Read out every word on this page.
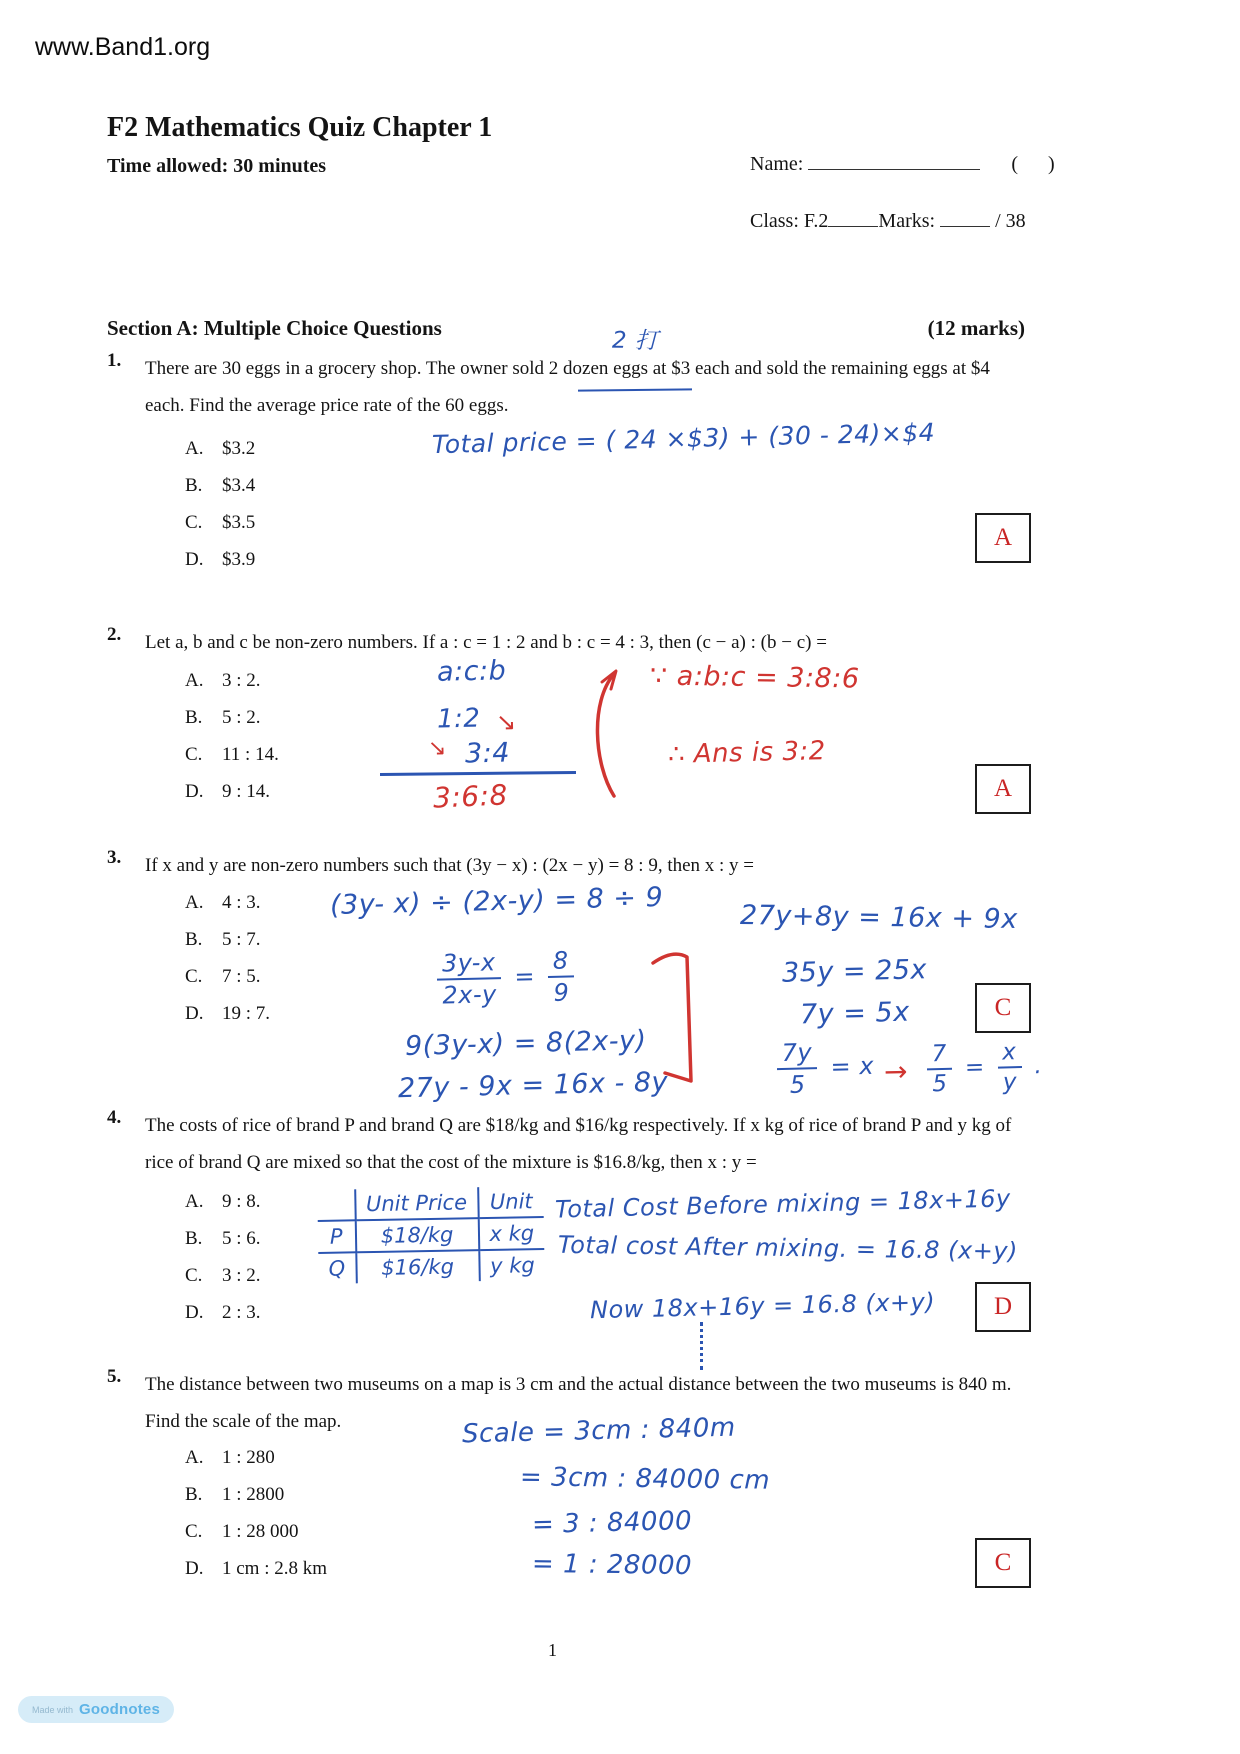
www.Band1.org
F2 Mathematics Quiz Chapter 1
Time allowed: 30 minutes	Name:	(      )
Class: F.2	Marks:	/ 38
Section A: Multiple Choice Questions	(12 marks)
2 打
1. There are 30 eggs in a grocery shop. The owner sold 2 dozen eggs at $3 each and sold the remaining eggs at $4 each. Find the average price rate of the 60 eggs.
A. $3.2
B. $3.4
C. $3.5
D. $3.9
Total price = ( 24 ×$3) + (30 - 24)×$4
A
2. Let a, b and c be non-zero numbers. If a : c = 1 : 2 and b : c = 4 : 3, then (c − a) : (b − c) =
A. 3 : 2.
B. 5 : 2.
C. 11 : 14.
D. 9 : 14.
a:c:b
1:2 ↘
↘ 3:4
3:6:8
∵ a:b:c = 3:8:6
∴ Ans is 3:2
A
3. If x and y are non-zero numbers such that (3y − x) : (2x − y) = 8 : 9, then x : y =
A. 4 : 3.
B. 5 : 7.
C. 7 : 5.
D. 19 : 7.
(3y- x) ÷ (2x-y) = 8 ÷ 9
$\frac{3y-x}{2x-y} = \frac{8}{9}$
9(3y-x) = 8(2x-y)
27y - 9x = 16x - 8y
27y+8y = 16x + 9x
35y = 25x
7y = 5x
$\frac{7y}{5} = x \to \frac{7}{5} = \frac{x}{y}$ .
C
4. The costs of rice of brand P and brand Q are $18/kg and $16/kg respectively. If x kg of rice of brand P and y kg of rice of brand Q are mixed so that the cost of the mixture is $16.8/kg, then x : y =
A. 9 : 8.
B. 5 : 6.
C. 3 : 2.
D. 2 : 3.
	Unit Price	Unit
P	$18/kg	x kg
Q	$16/kg	y kg
Total Cost Before mixing = 18x+16y
Total cost After mixing. = 16.8 (x+y)
Now 18x+16y = 16.8 (x+y)	D
5. The distance between two museums on a map is 3 cm and the actual distance between the two museums is 840 m. Find the scale of the map.
A. 1 : 280
B. 1 : 2800
C. 1 : 28 000
D. 1 cm : 2.8 km
Scale = 3cm : 840m
= 3cm : 84000 cm
= 3 : 84000
= 1 : 28000	C
1
Made with Goodnotes
